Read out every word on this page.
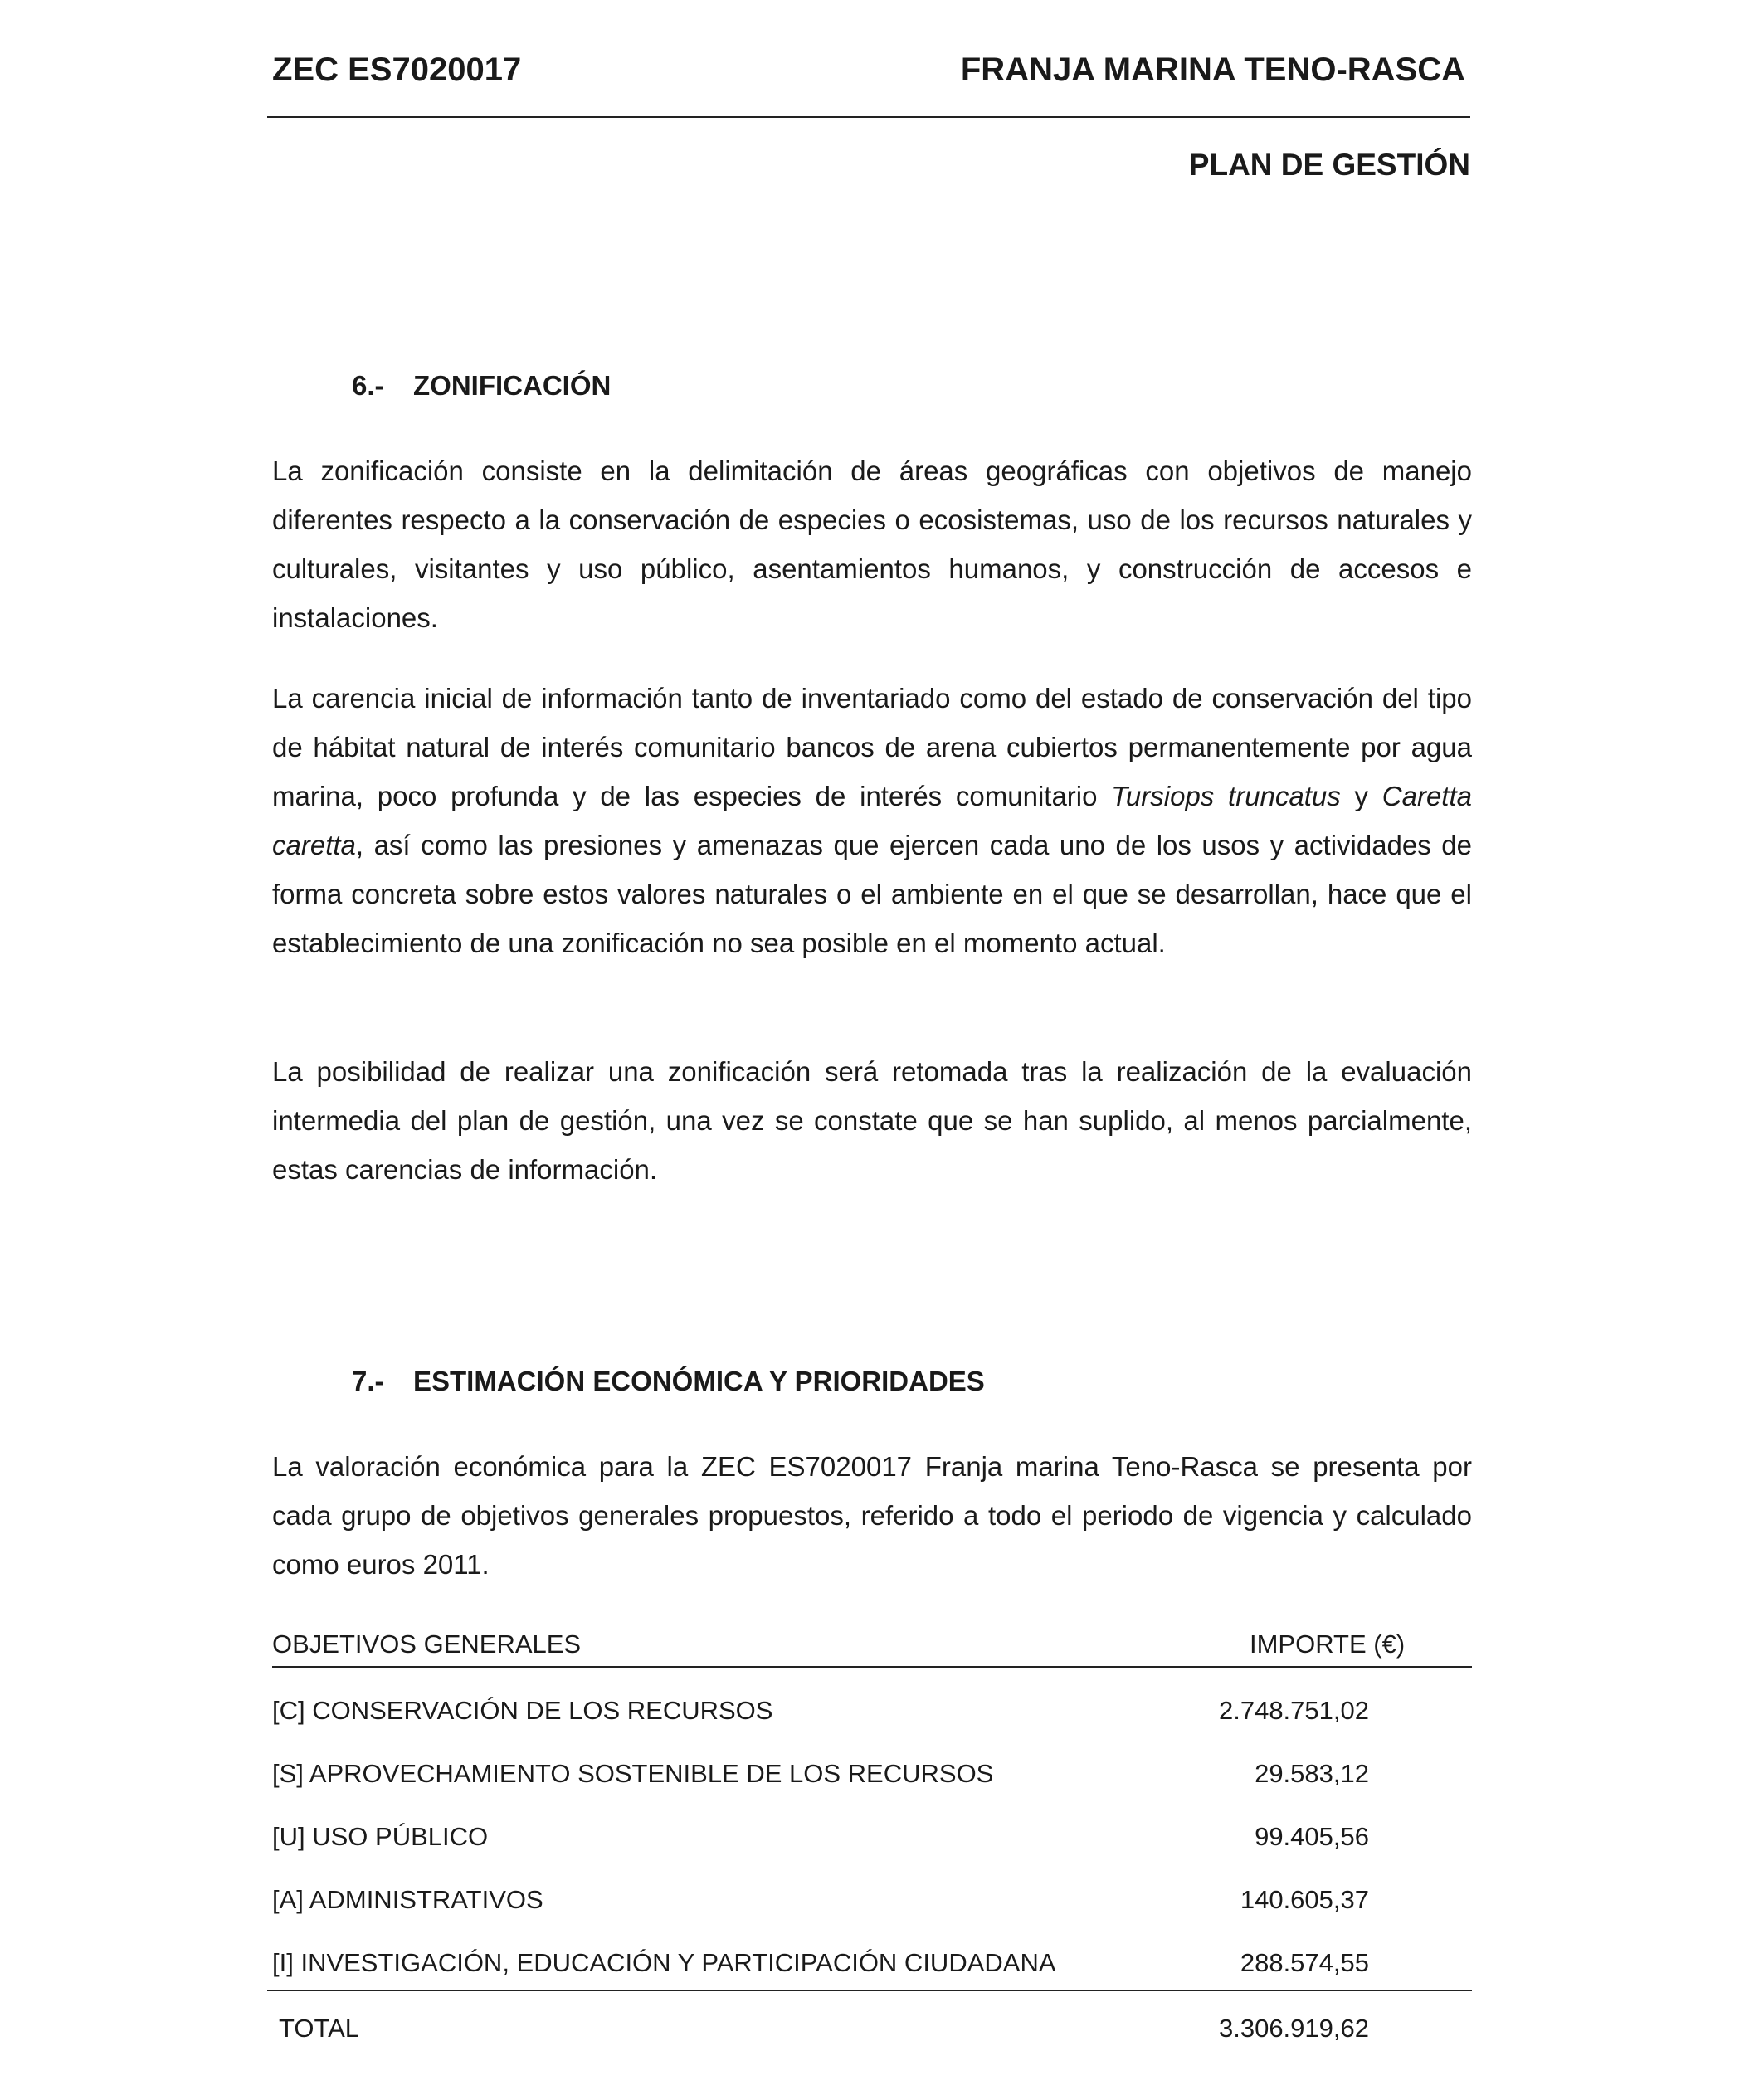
ZEC ES7020017	FRANJA MARINA TENO-RASCA
PLAN DE GESTIÓN
6.- ZONIFICACIÓN

La zonificación consiste en la delimitación de áreas geográficas con objetivos de manejo diferentes respecto a la conservación de especies o ecosistemas, uso de los recursos naturales y culturales, visitantes y uso público, asentamientos humanos, y construcción de accesos e instalaciones.

La carencia inicial de información tanto de inventariado como del estado de conservación del tipo de hábitat natural de interés comunitario bancos de arena cubiertos permanentemente por agua marina, poco profunda y de las especies de interés comunitario Tursiops truncatus y Caretta caretta, así como las presiones y amenazas que ejercen cada uno de los usos y actividades de forma concreta sobre estos valores naturales o el ambiente en el que se desarrollan, hace que el establecimiento de una zonificación no sea posible en el momento actual.

La posibilidad de realizar una zonificación será retomada tras la realización de la evaluación intermedia del plan de gestión, una vez se constate que se han suplido, al menos parcialmente, estas carencias de información.

7.- ESTIMACIÓN ECONÓMICA Y PRIORIDADES

La valoración económica para la ZEC ES7020017 Franja marina Teno-Rasca se presenta por cada grupo de objetivos generales propuestos, referido a todo el periodo de vigencia y calculado como euros 2011.

OBJETIVOS GENERALES	IMPORTE (€)
[C] CONSERVACIÓN DE LOS RECURSOS	2.748.751,02
[S] APROVECHAMIENTO SOSTENIBLE DE LOS RECURSOS	29.583,12
[U] USO PÚBLICO	99.405,56
[A] ADMINISTRATIVOS	140.605,37
[I] INVESTIGACIÓN, EDUCACIÓN Y PARTICIPACIÓN CIUDADANA	288.574,55
TOTAL	3.306.919,62
